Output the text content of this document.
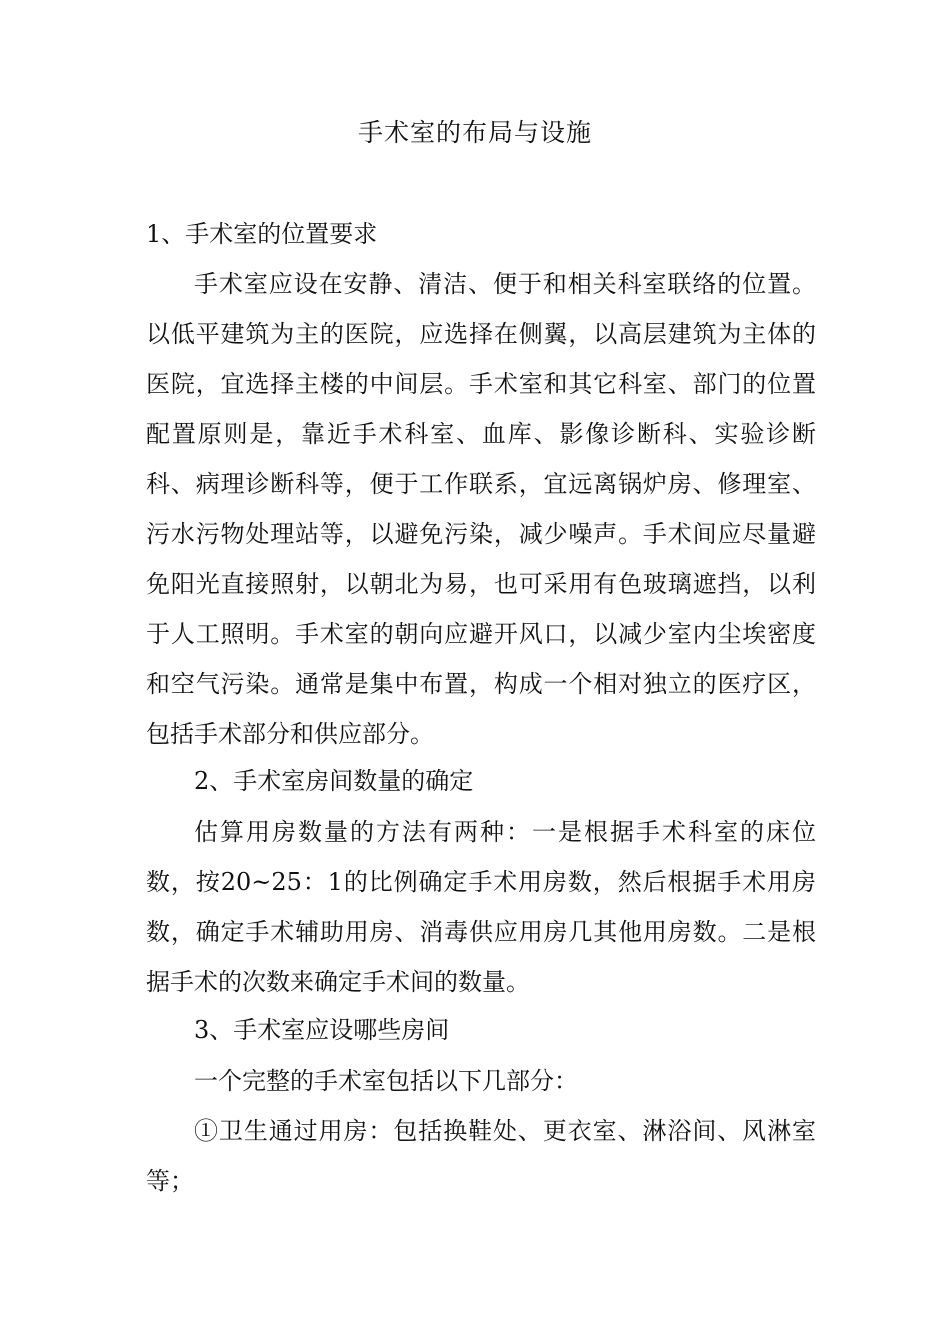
手术室的布局与设施
1、手术室的位置要求

手术室应设在安静、清洁、便于和相关科室联络的位置。以低平建筑为主的医院，应选择在侧翼，以高层建筑为主体的医院，宜选择主楼的中间层。手术室和其它科室、部门的位置配置原则是，靠近手术科室、血库、影像诊断科、实验诊断科、病理诊断科等，便于工作联系，宜远离锅炉房、修理室、污水污物处理站等，以避免污染，减少噪声。手术间应尽量避免阳光直接照射，以朝北为易，也可采用有色玻璃遮挡，以利于人工照明。手术室的朝向应避开风口，以减少室内尘埃密度和空气污染。通常是集中布置，构成一个相对独立的医疗区，包括手术部分和供应部分。

2、手术室房间数量的确定

估算用房数量的方法有两种：一是根据手术科室的床位数，按20~25：1的比例确定手术用房数，然后根据手术用房数，确定手术辅助用房、消毒供应用房几其他用房数。二是根据手术的次数来确定手术间的数量。

3、手术室应设哪些房间

一个完整的手术室包括以下几部分：

①卫生通过用房：包括换鞋处、更衣室、淋浴间、风淋室等；
